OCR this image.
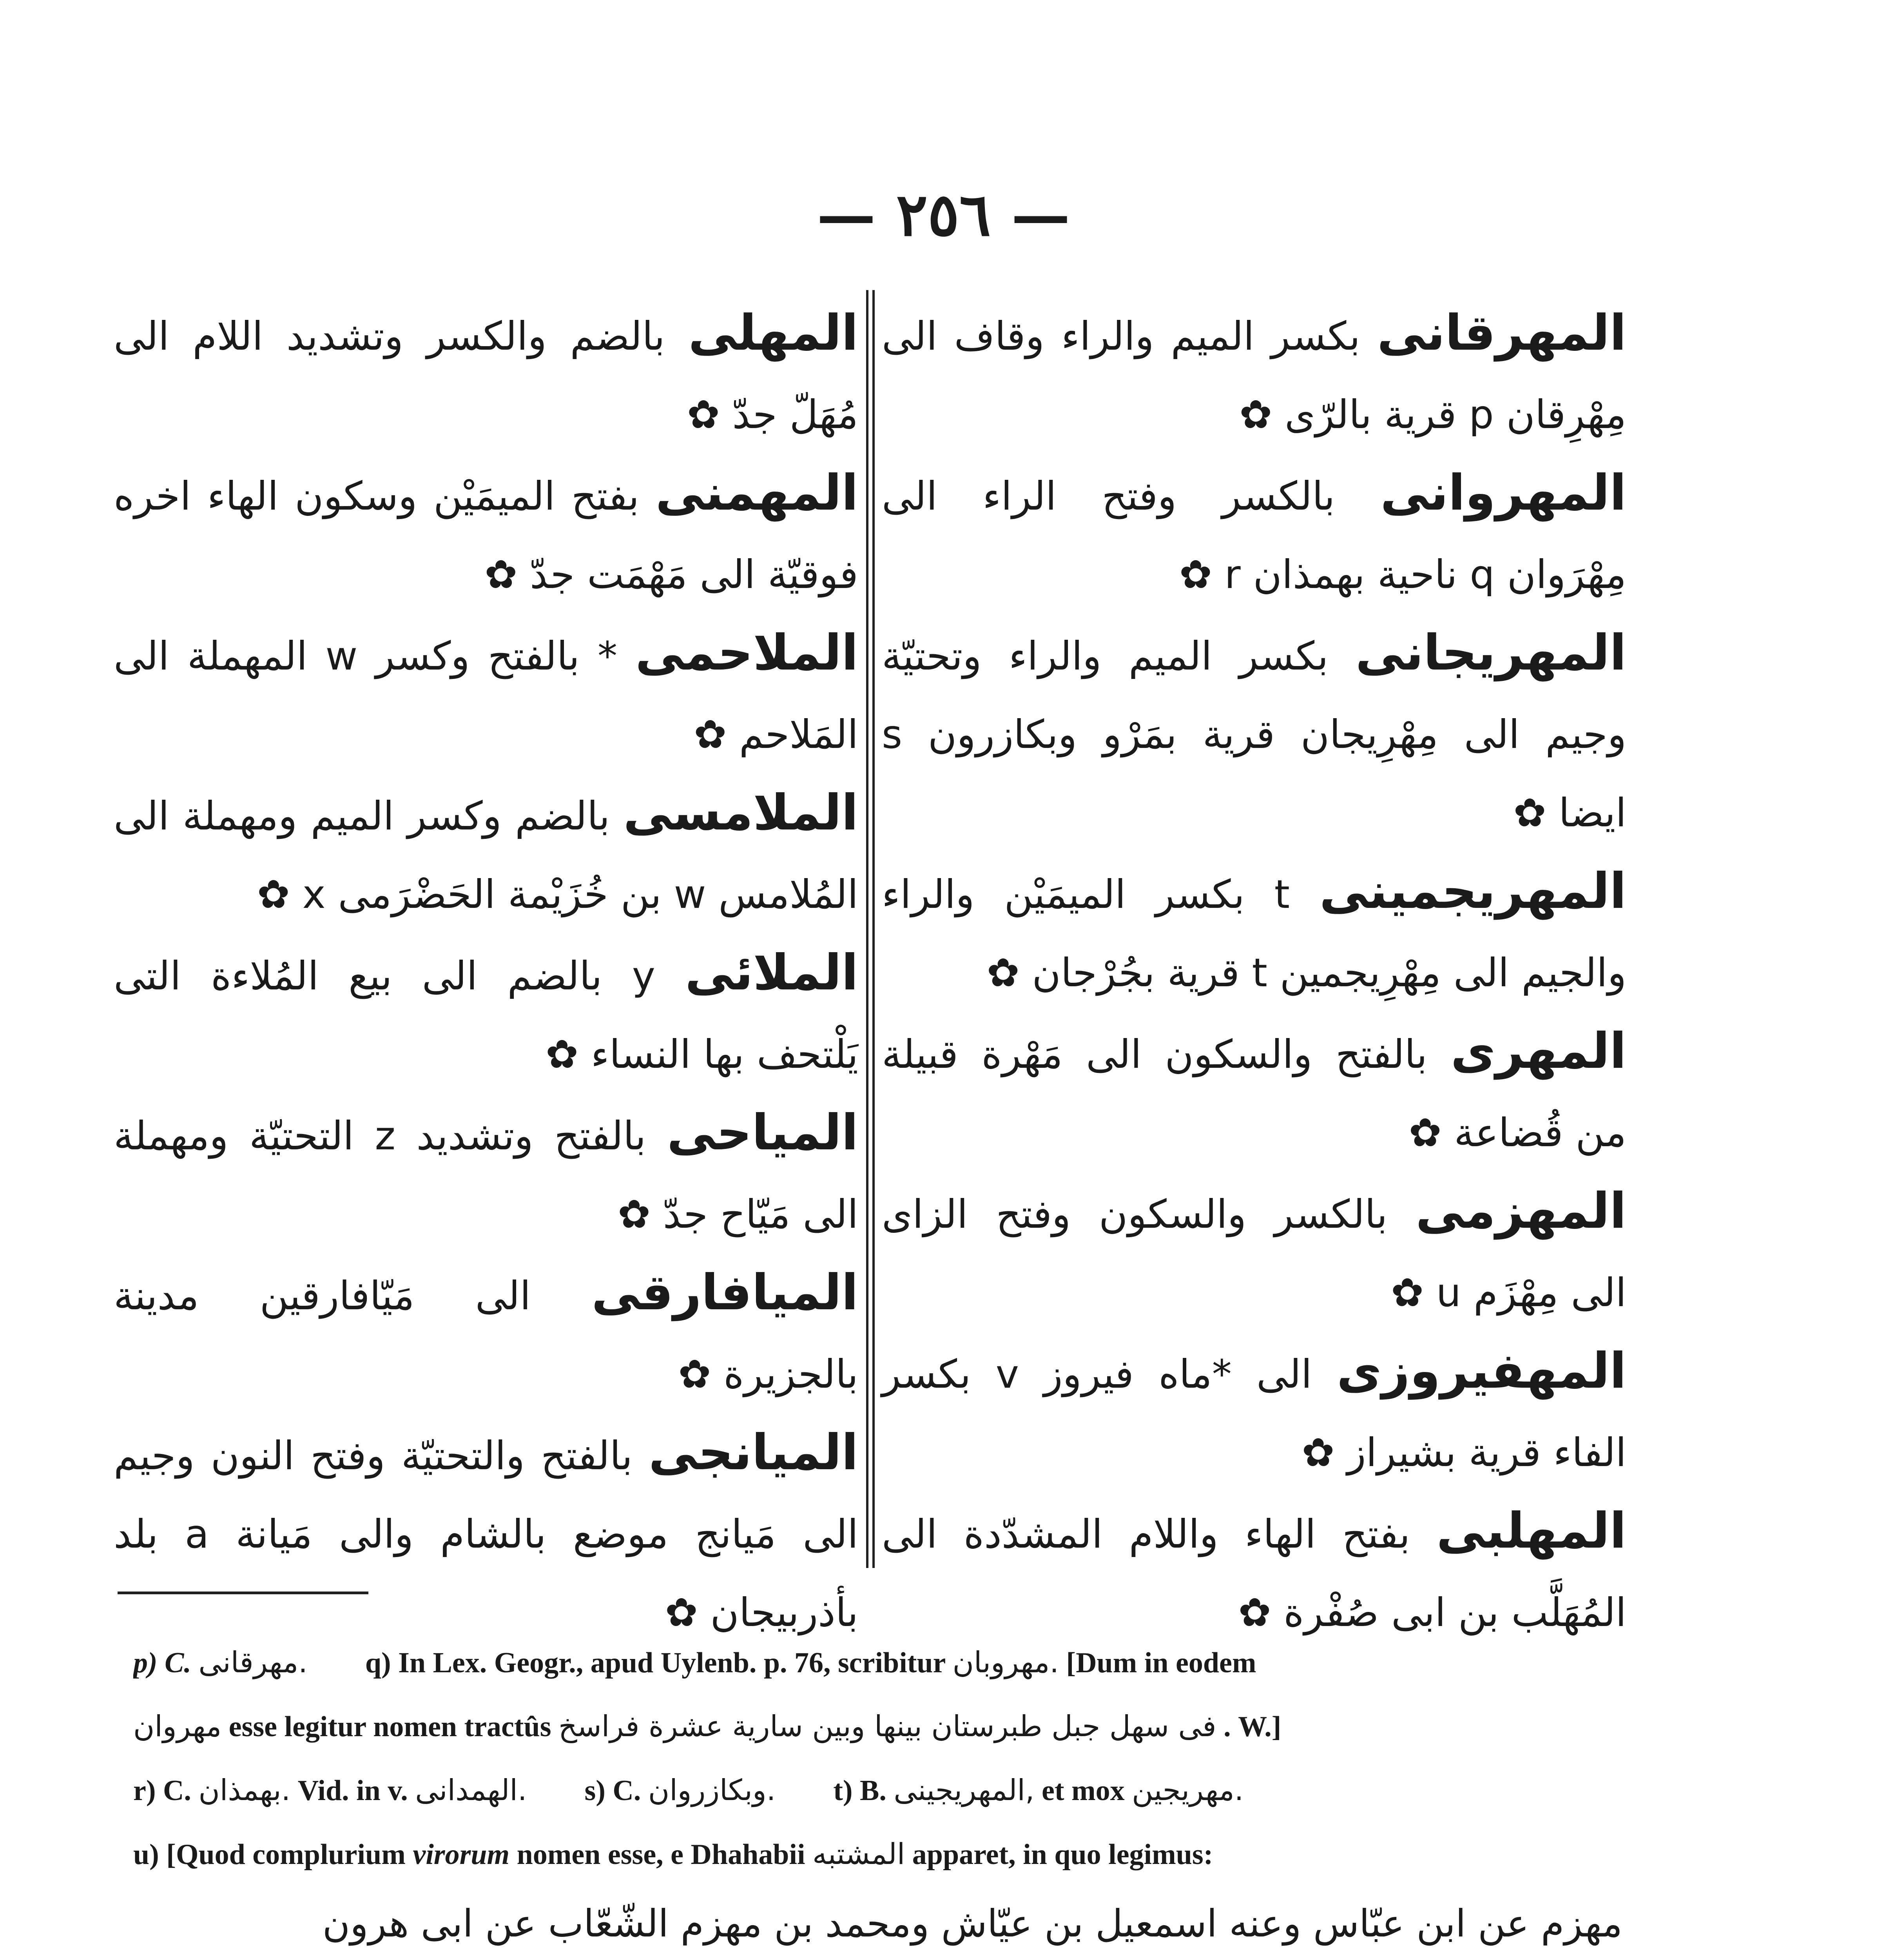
— ٢٥٦ —

المهرقانى بكسر الميم والراء وقاف الى مِهْرِقان p قرية بالرّى ✿

المهروانى بالكسر وفتح الراء الى مِهْرَوان q ناحية بهمذان r ✿

المهريجانى بكسر الميم والراء وتحتيّة وجيم الى مِهْرِيجان قرية بمَرْو وبكازرون s ايضا ✿

المهريجمينى t بكسر الميمَيْن والراء والجيم الى مِهْرِيجمين t قرية بجُرْجان ✿

المهرى بالفتح والسكون الى مَهْرة قبيلة من قُضاعة ✿

المهزمى بالكسر والسكون وفتح الزاى الى مِهْزَم u ✿

المهفيروزى الى *ماه فيروز v بكسر الفاء قرية بشيراز ✿

المهلبى بفتح الهاء واللام المشدّدة الى المُهَلَّب بن ابى صُفْرة ✿

المهلى بالضم والكسر وتشديد اللام الى مُهَلّ جدّ ✿

المهمنى بفتح الميمَيْن وسكون الهاء اخره فوقيّة الى مَهْمَت جدّ ✿

الملاحمى * بالفتح وكسر w المهملة الى المَلاحم ✿

الملامسى بالضم وكسر الميم ومهملة الى المُلامس w بن خُزَيْمة الحَضْرَمى x ✿

الملائى y بالضم الى بيع المُلاءة التى يَلْتحف بها النساء ✿

المياحى بالفتح وتشديد z التحتيّة ومهملة الى مَيّاح جدّ ✿

الميافارقى الى مَيّافارقين مدينة بالجزيرة ✿

الميانجى بالفتح والتحتيّة وفتح النون وجيم الى مَيانج موضع بالشام والى مَيانة a بلد بأذربيجان ✿

p) C. مهرقانى. q) In Lex. Geogr., apud Uylenb. p. 76, scribitur مهروبان. [Dum in eodem
مهروان esse legitur nomen tractûs فى سهل جبل طبرستان بينها وبين سارية عشرة فراسخ . W.]
r) C. بهمذان. Vid. in v. الهمدانى. s) C. وبكازروان. t) B. المهريجينى, et mox مهريجين.
u) [Quod complurium virorum nomen esse, e Dhahabii المشتبه apparet, in quo legimus:
مهزم عن ابن عبّاس وعنه اسمعيل بن عيّاش ومحمد بن مهزم الشّعّاب عن ابى هرون
